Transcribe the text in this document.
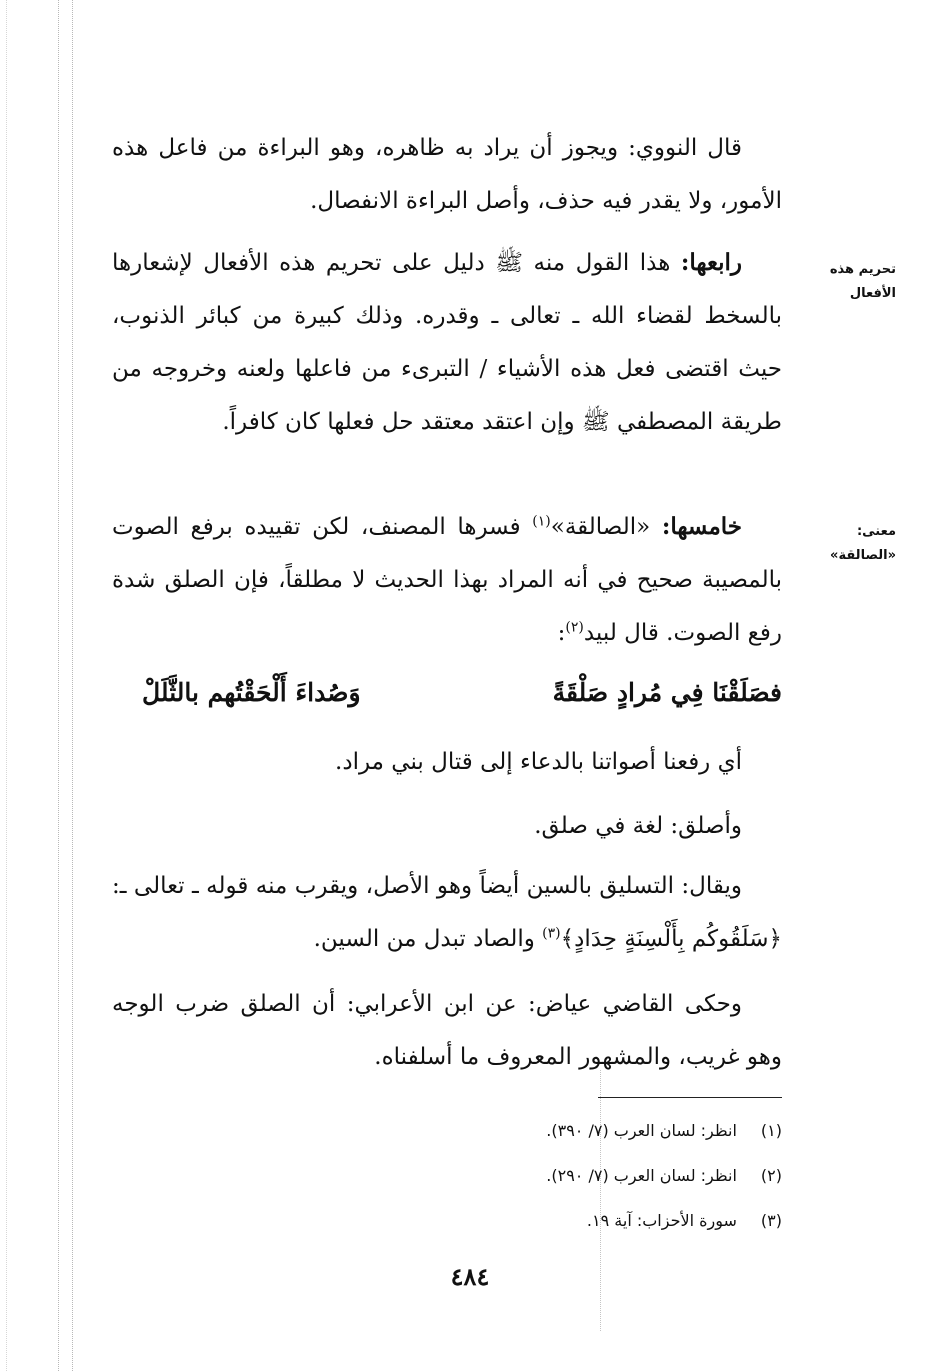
قال النووي: ويجوز أن يراد به ظاهره، وهو البراءة من فاعل هذه الأمور، ولا يقدر فيه حذف، وأصل البراءة الانفصال.
تحريم هذه
الأفعال
رابعها: هذا القول منه ﷺ دليل على تحريم هذه الأفعال لإشعارها بالسخط لقضاء الله ـ تعالى ـ وقدره. وذلك كبيرة من كبائر الذنوب، حيث اقتضى فعل هذه الأشياء / التبرىء من فاعلها ولعنه وخروجه من طريقة المصطفي ﷺ وإن اعتقد معتقد حل فعلها كان كافراً.
معنى:
«الصالقة»
خامسها: «الصالقة»$^{(١)}$ فسرها المصنف، لكن تقييده برفع الصوت بالمصيبة صحيح في أنه المراد بهذا الحديث لا مطلقاً، فإن الصلق شدة رفع الصوت. قال لبيد$^{(٢)}$:
فصَلَقْنَا فِي مُرادٍ صَلْقَةً
وَصُداءَ أَلْحَقْتُهم بالثَّلَلْ
أي رفعنا أصواتنا بالدعاء إلى قتال بني مراد.
وأصلق: لغة في صلق.
ويقال: التسليق بالسين أيضاً وهو الأصل، ويقرب منه قوله ـ تعالى ـ: ﴿سَلَقُوكُم بِأَلْسِنَةٍ حِدَادٍ﴾$^{(٣)}$ والصاد تبدل من السين.
وحكى القاضي عياض: عن ابن الأعرابي: أن الصلق ضرب الوجه وهو غريب، والمشهور المعروف ما أسلفناه.
(١) انظر: لسان العرب (٧/ ٣٩٠).
(٢) انظر: لسان العرب (٧/ ٢٩٠).
(٣) سورة الأحزاب: آية ١٩.
٤٨٤
